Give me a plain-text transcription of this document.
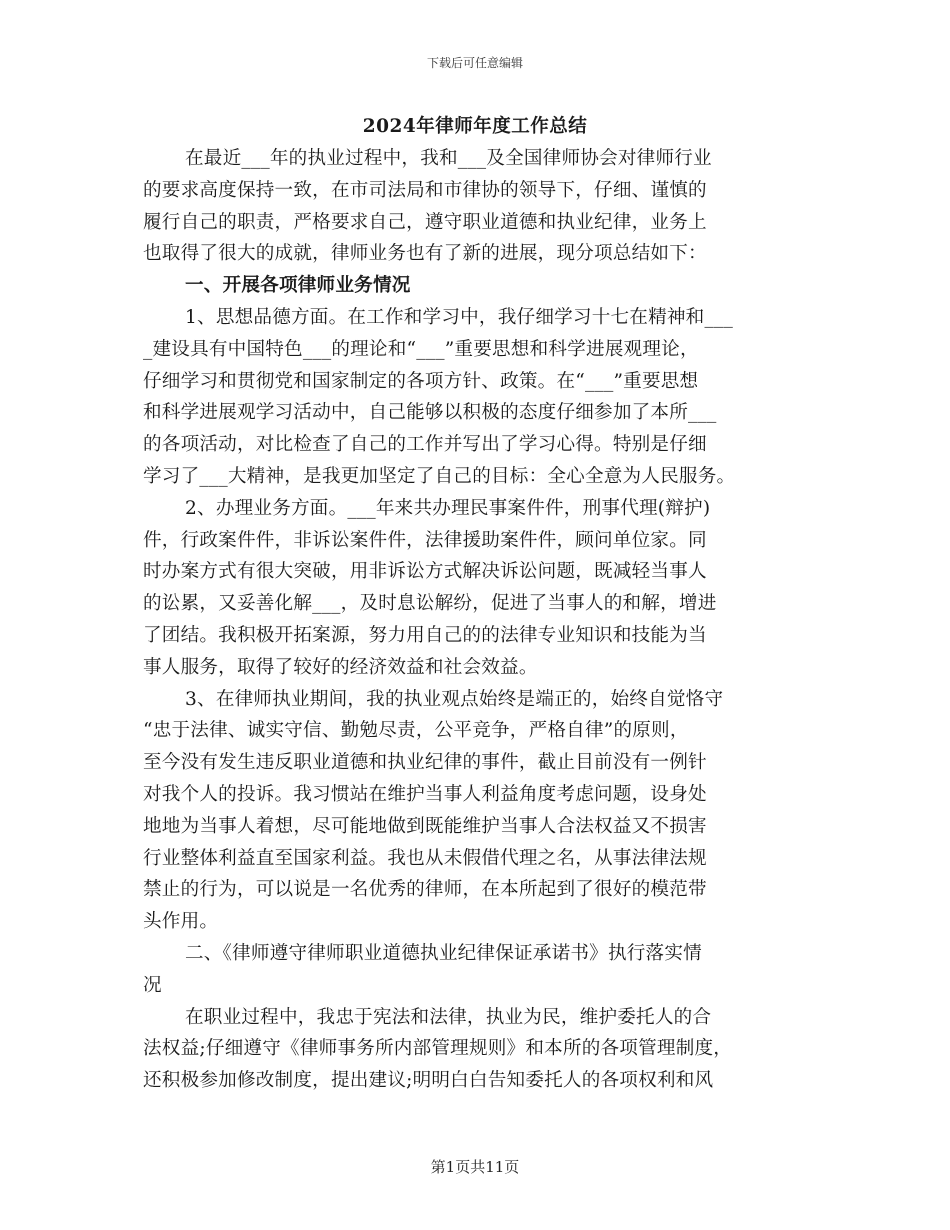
下载后可任意编辑
2024年律师年度工作总结
在最近___年的执业过程中，我和___及全国律师协会对律师行业
的要求高度保持一致，在市司法局和市律协的领导下，仔细、谨慎的
履行自己的职责，严格要求自己，遵守职业道德和执业纪律，业务上
也取得了很大的成就，律师业务也有了新的进展，现分项总结如下：
一、开展各项律师业务情况
1、思想品德方面。在工作和学习中，我仔细学习十七在精神和___
_建设具有中国特色___的理论和“___”重要思想和科学进展观理论，
仔细学习和贯彻党和国家制定的各项方针、政策。在“___”重要思想
和科学进展观学习活动中，自己能够以积极的态度仔细参加了本所___
的各项活动，对比检查了自己的工作并写出了学习心得。特别是仔细
学习了___大精神，是我更加坚定了自己的目标：全心全意为人民服务。
2、办理业务方面。___年来共办理民事案件件，刑事代理(辩护)
件，行政案件件，非诉讼案件件，法律援助案件件，顾问单位家。同
时办案方式有很大突破，用非诉讼方式解决诉讼问题，既减轻当事人
的讼累，又妥善化解___，及时息讼解纷，促进了当事人的和解，增进
了团结。我积极开拓案源，努力用自己的的法律专业知识和技能为当
事人服务，取得了较好的经济效益和社会效益。
3、在律师执业期间，我的执业观点始终是端正的，始终自觉恪守
“忠于法律、诚实守信、勤勉尽责，公平竞争，严格自律”的原则，
至今没有发生违反职业道德和执业纪律的事件，截止目前没有一例针
对我个人的投诉。我习惯站在维护当事人利益角度考虑问题，设身处
地地为当事人着想，尽可能地做到既能维护当事人合法权益又不损害
行业整体利益直至国家利益。我也从未假借代理之名，从事法律法规
禁止的行为，可以说是一名优秀的律师，在本所起到了很好的模范带
头作用。
二、《律师遵守律师职业道德执业纪律保证承诺书》执行落实情
况
在职业过程中，我忠于宪法和法律，执业为民，维护委托人的合
法权益;仔细遵守《律师事务所内部管理规则》和本所的各项管理制度，
还积极参加修改制度，提出建议;明明白白告知委托人的各项权利和风
第1页共11页
